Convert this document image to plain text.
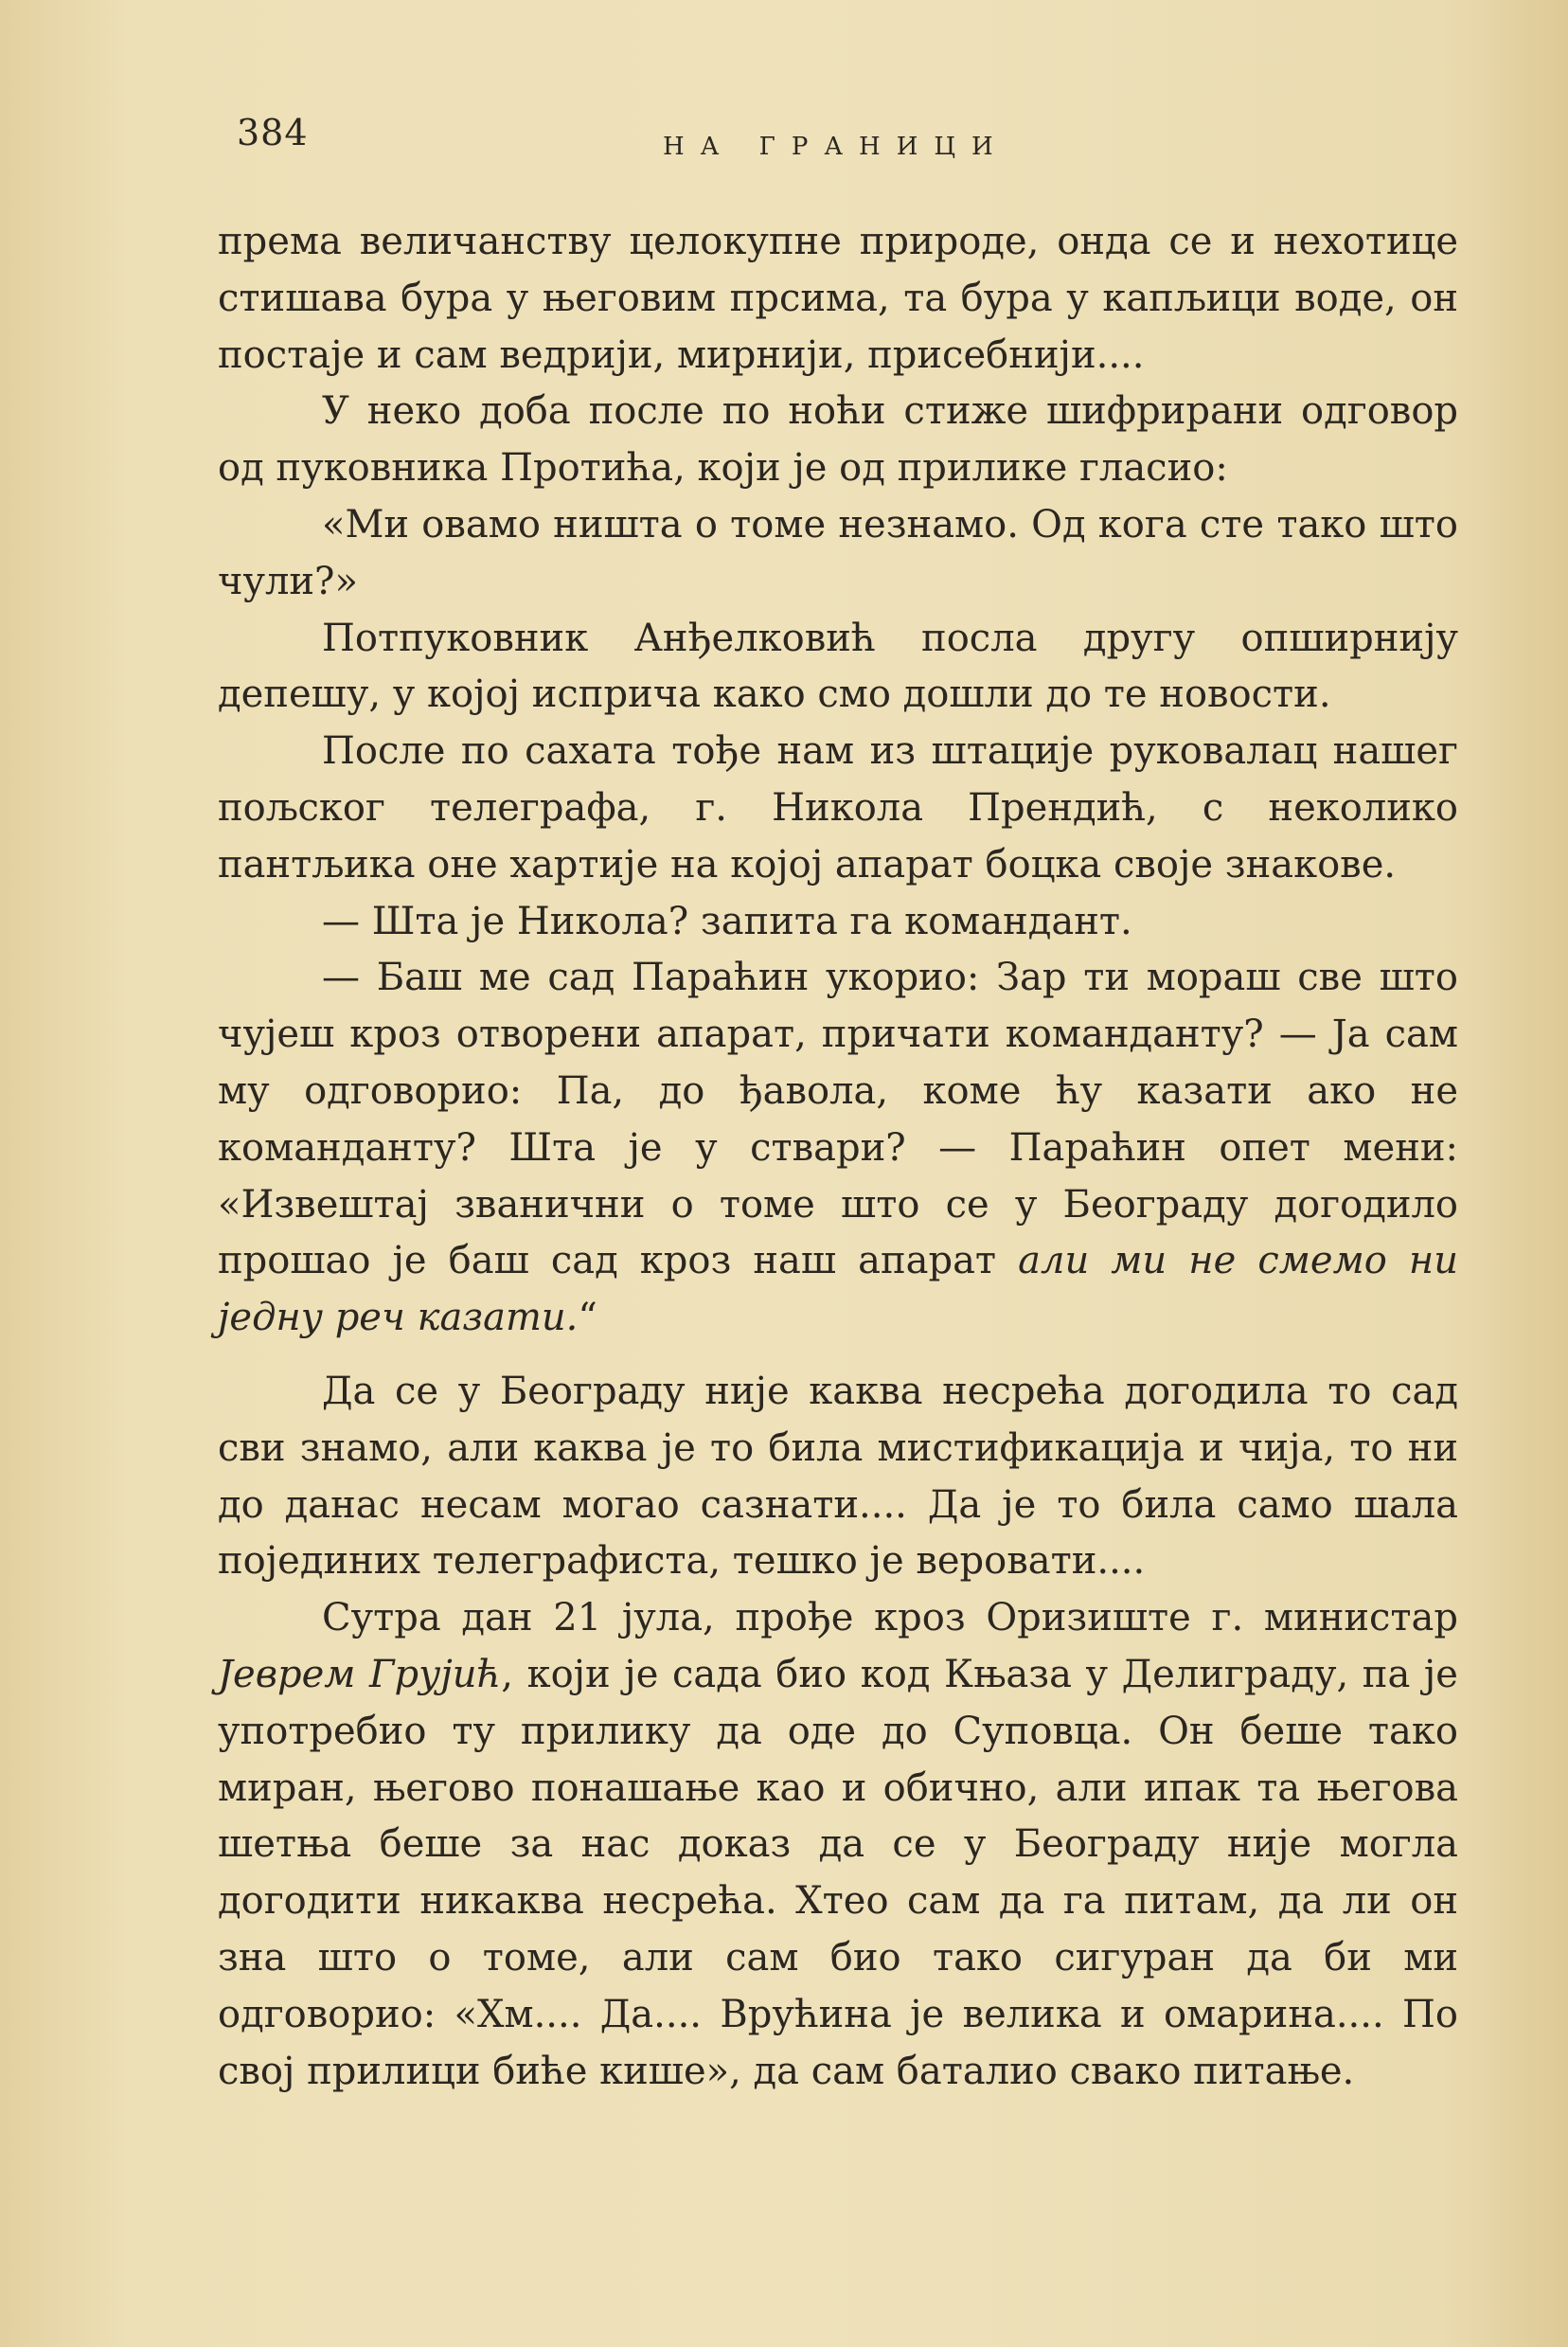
384	НА ГРАНИЦИ

према величанству целокупне природе, онда се и нехотице стишава бура у његовим прсима, та бура у капљици воде, он постаје и сам ведрији, мирнији, присебнији....

У неко доба после по ноћи стиже шифрирани одговор од пуковника Протића, који је од прилике гласио:

«Ми овамо ништа о томе незнамо. Од кога сте тако што чули?»

Потпуковник Анђелковић посла другу опширнију депешу, у којој исприча како смо дошли до те новости.

После по сахата тође нам из штације руковалац нашег пољског телеграфа, г. Никола Прендић, с неколико пантљика оне хартије на којој апарат боцка своје знакове.

— Шта је Никола? запита га командант.

— Баш ме сад Параћин укорио: Зар ти мораш све што чујеш кроз отворени апарат, причати команданту? — Ја сам му одговорио: Па, до ђавола, коме ћу казати ако не команданту? Шта је у ствари? — Параћин опет мени: «Извештај званични о томе што се у Београду догодило прошао је баш сад кроз наш апарат али ми не смемо ни једну реч казати.“

Да се у Београду није каква несрећа догодила то сад сви знамо, али каква је то била мистификација и чија, то ни до данас несам могао сазнати.... Да је то била само шала појединих телеграфиста, тешко је веровати....

Сутра дан 21 јула, прође кроз Оризиште г. министар Јеврем Грујић, који је сада био код Књаза у Делиграду, па је употребио ту прилику да оде до Суповца. Он беше тако миран, његово понашање као и обично, али ипак та његова шетња беше за нас доказ да се у Београду није могла догодити никаква несрећа. Хтео сам да га питам, да ли он зна што о томе, али сам био тако сигуран да би ми одговорио: «Хм.... Да.... Врућина је велика и омарина.... По свој прилици биће кише», да сам баталио свако питање.
